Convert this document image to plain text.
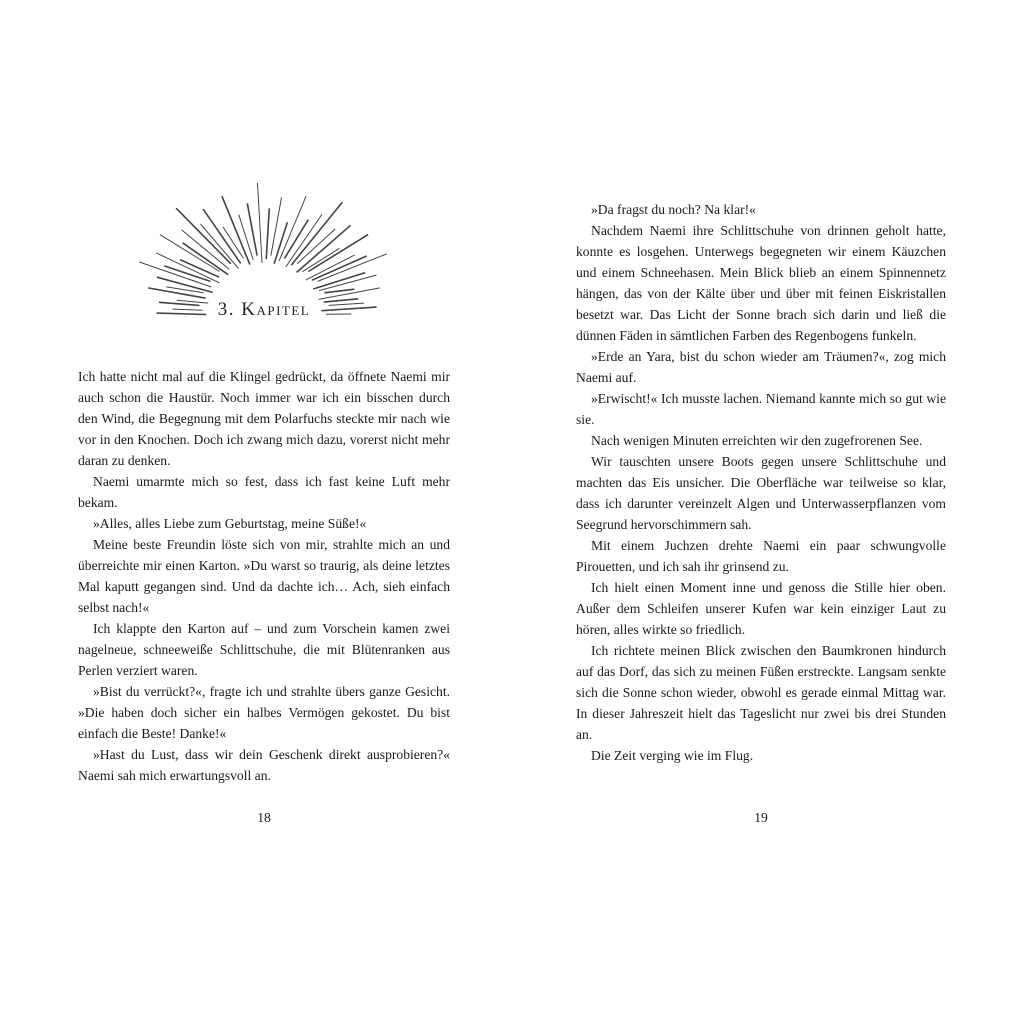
3. Kapitel

Ich hatte nicht mal auf die Klingel gedrückt, da öffnete Naemi mir auch schon die Haustür. Noch immer war ich ein bisschen durch den Wind, die Begegnung mit dem Polarfuchs steckte mir nach wie vor in den Knochen. Doch ich zwang mich dazu, vorerst nicht mehr daran zu denken.

Naemi umarmte mich so fest, dass ich fast keine Luft mehr bekam.

»Alles, alles Liebe zum Geburtstag, meine Süße!«

Meine beste Freundin löste sich von mir, strahlte mich an und überreichte mir einen Karton. »Du warst so traurig, als deine letztes Mal kaputt gegangen sind. Und da dachte ich… Ach, sieh einfach selbst nach!«

Ich klappte den Karton auf – und zum Vorschein kamen zwei nagelneue, schneeweiße Schlittschuhe, die mit Blütenranken aus Perlen verziert waren.

»Bist du verrückt?«, fragte ich und strahlte übers ganze Gesicht. »Die haben doch sicher ein halbes Vermögen gekostet. Du bist einfach die Beste! Danke!«

»Hast du Lust, dass wir dein Geschenk direkt ausprobieren?« Naemi sah mich erwartungsvoll an.

18

»Da fragst du noch? Na klar!«

Nachdem Naemi ihre Schlittschuhe von drinnen geholt hatte, konnte es losgehen. Unterwegs begegneten wir einem Käuzchen und einem Schneehasen. Mein Blick blieb an einem Spinnennetz hängen, das von der Kälte über und über mit feinen Eiskristallen besetzt war. Das Licht der Sonne brach sich darin und ließ die dünnen Fäden in sämtlichen Farben des Regenbogens funkeln.

»Erde an Yara, bist du schon wieder am Träumen?«, zog mich Naemi auf.

»Erwischt!« Ich musste lachen. Niemand kannte mich so gut wie sie.

Nach wenigen Minuten erreichten wir den zugefrorenen See.

Wir tauschten unsere Boots gegen unsere Schlittschuhe und machten das Eis unsicher. Die Oberfläche war teilweise so klar, dass ich darunter vereinzelt Algen und Unterwasserpflanzen vom Seegrund hervorschimmern sah.

Mit einem Juchzen drehte Naemi ein paar schwungvolle Pirouetten, und ich sah ihr grinsend zu.

Ich hielt einen Moment inne und genoss die Stille hier oben. Außer dem Schleifen unserer Kufen war kein einziger Laut zu hören, alles wirkte so friedlich.

Ich richtete meinen Blick zwischen den Baumkronen hindurch auf das Dorf, das sich zu meinen Füßen erstreckte. Langsam senkte sich die Sonne schon wieder, obwohl es gerade einmal Mittag war. In dieser Jahreszeit hielt das Tageslicht nur zwei bis drei Stunden an.

Die Zeit verging wie im Flug.

19
